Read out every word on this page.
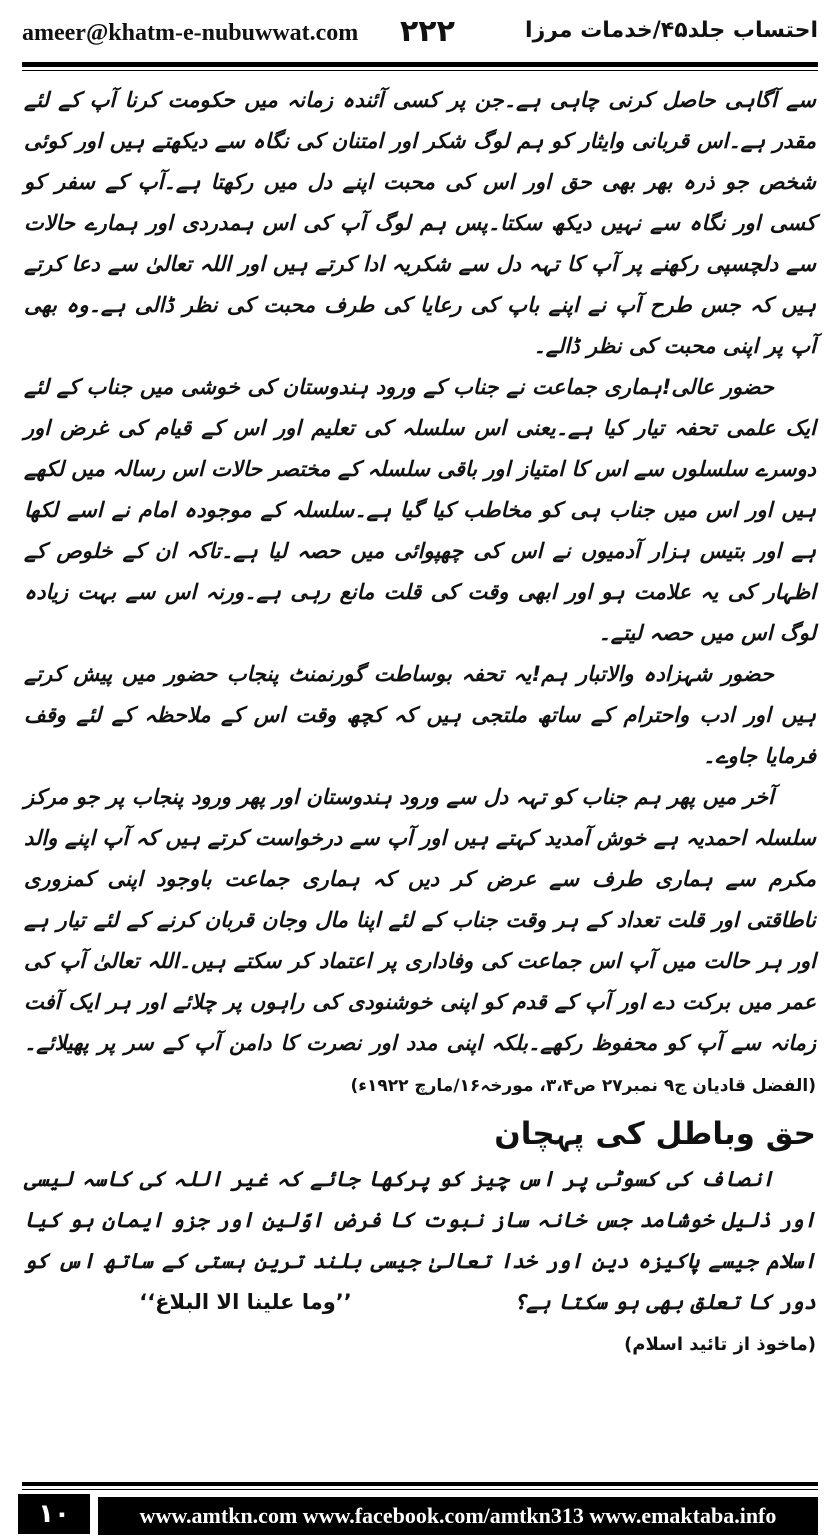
ameer@khatm-e-nubuwwat.com ۲۲۲	احتساب جلد۴۵/خدمات مرزا

سے آگاہی حاصل کرنی چاہی ہے۔جن پر کسی آئندہ زمانہ میں حکومت کرنا آپ کے لئے مقدر ہے۔اس قربانی وایثار کو ہم لوگ شکر اور امتنان کی نگاہ سے دیکھتے ہیں اور کوئی شخص جو ذرہ بھر بھی حق اور اس کی محبت اپنے دل میں رکھتا ہے۔آپ کے سفر کو کسی اور نگاہ سے نہیں دیکھ سکتا۔پس ہم لوگ آپ کی اس ہمدردی اور ہمارے حالات سے دلچسپی رکھنے پر آپ کا تہہ دل سے شکریہ ادا کرتے ہیں اور اللہ تعالیٰ سے دعا کرتے ہیں کہ جس طرح آپ نے اپنے باپ کی رعایا کی طرف محبت کی نظر ڈالی ہے۔وہ بھی آپ پر اپنی محبت کی نظر ڈالے۔

حضور عالی!ہماری جماعت نے جناب کے ورود ہندوستان کی خوشی میں جناب کے لئے ایک علمی تحفہ تیار کیا ہے۔یعنی اس سلسلہ کی تعلیم اور اس کے قیام کی غرض اور دوسرے سلسلوں سے اس کا امتیاز اور باقی سلسلہ کے مختصر حالات اس رسالہ میں لکھے ہیں اور اس میں جناب ہی کو مخاطب کیا گیا ہے۔سلسلہ کے موجودہ امام نے اسے لکھا ہے اور بتیس ہزار آدمیوں نے اس کی چھپوائی میں حصہ لیا ہے۔تاکہ ان کے خلوص کے اظہار کی یہ علامت ہو اور ابھی وقت کی قلت مانع رہی ہے۔ورنہ اس سے بہت زیادہ لوگ اس میں حصہ لیتے۔

حضور شہزادہ والاتبار ہم!یہ تحفہ بوساطت گورنمنٹ پنجاب حضور میں پیش کرتے ہیں اور ادب واحترام کے ساتھ ملتجی ہیں کہ کچھ وقت اس کے ملاحظہ کے لئے وقف فرمایا جاوے۔

آخر میں پھر ہم جناب کو تہہ دل سے ورود ہندوستان اور پھر ورود پنجاب پر جو مرکز سلسلہ احمدیہ ہے خوش آمدید کہتے ہیں اور آپ سے درخواست کرتے ہیں کہ آپ اپنے والد مکرم سے ہماری طرف سے عرض کر دیں کہ ہماری جماعت باوجود اپنی کمزوری ناطاقتی اور قلت تعداد کے ہر وقت جناب کے لئے اپنا مال وجان قربان کرنے کے لئے تیار ہے اور ہر حالت میں آپ اس جماعت کی وفاداری پر اعتماد کر سکتے ہیں۔اللہ تعالیٰ آپ کی عمر میں برکت دے اور آپ کے قدم کو اپنی خوشنودی کی راہوں پر چلائے اور ہر ایک آفت زمانہ سے آپ کو محفوظ رکھے۔بلکہ اپنی مدد اور نصرت کا دامن آپ کے سر پر پھیلائے۔ (الفضل قادیان ج۹ نمبر۲۷ ص۳،۴، مورخہ۱۶/مارچ ۱۹۲۲ء)

حق وباطل کی پہچان

انصاف کی کسوٹی پر اس چیز کو پرکھا جائے کہ غیر اللہ کی کاسہ لیسی اور ذلیل خوشامد جس خانہ ساز نبوت کا فرض اوّلین اور جزو ایمان ہو کیا اسلام جیسے پاکیزہ دین اور خدا تعالیٰ جیسی بلند ترین ہستی کے ساتھ اس کو دور کا تعلق بھی ہو سکتا ہے؟’’وما علینا الا البلاغ‘‘

(ماخوذ از تائید اسلام)

۱۰	www.amtkn.com www.facebook.com/amtkn313 www.emaktaba.info
